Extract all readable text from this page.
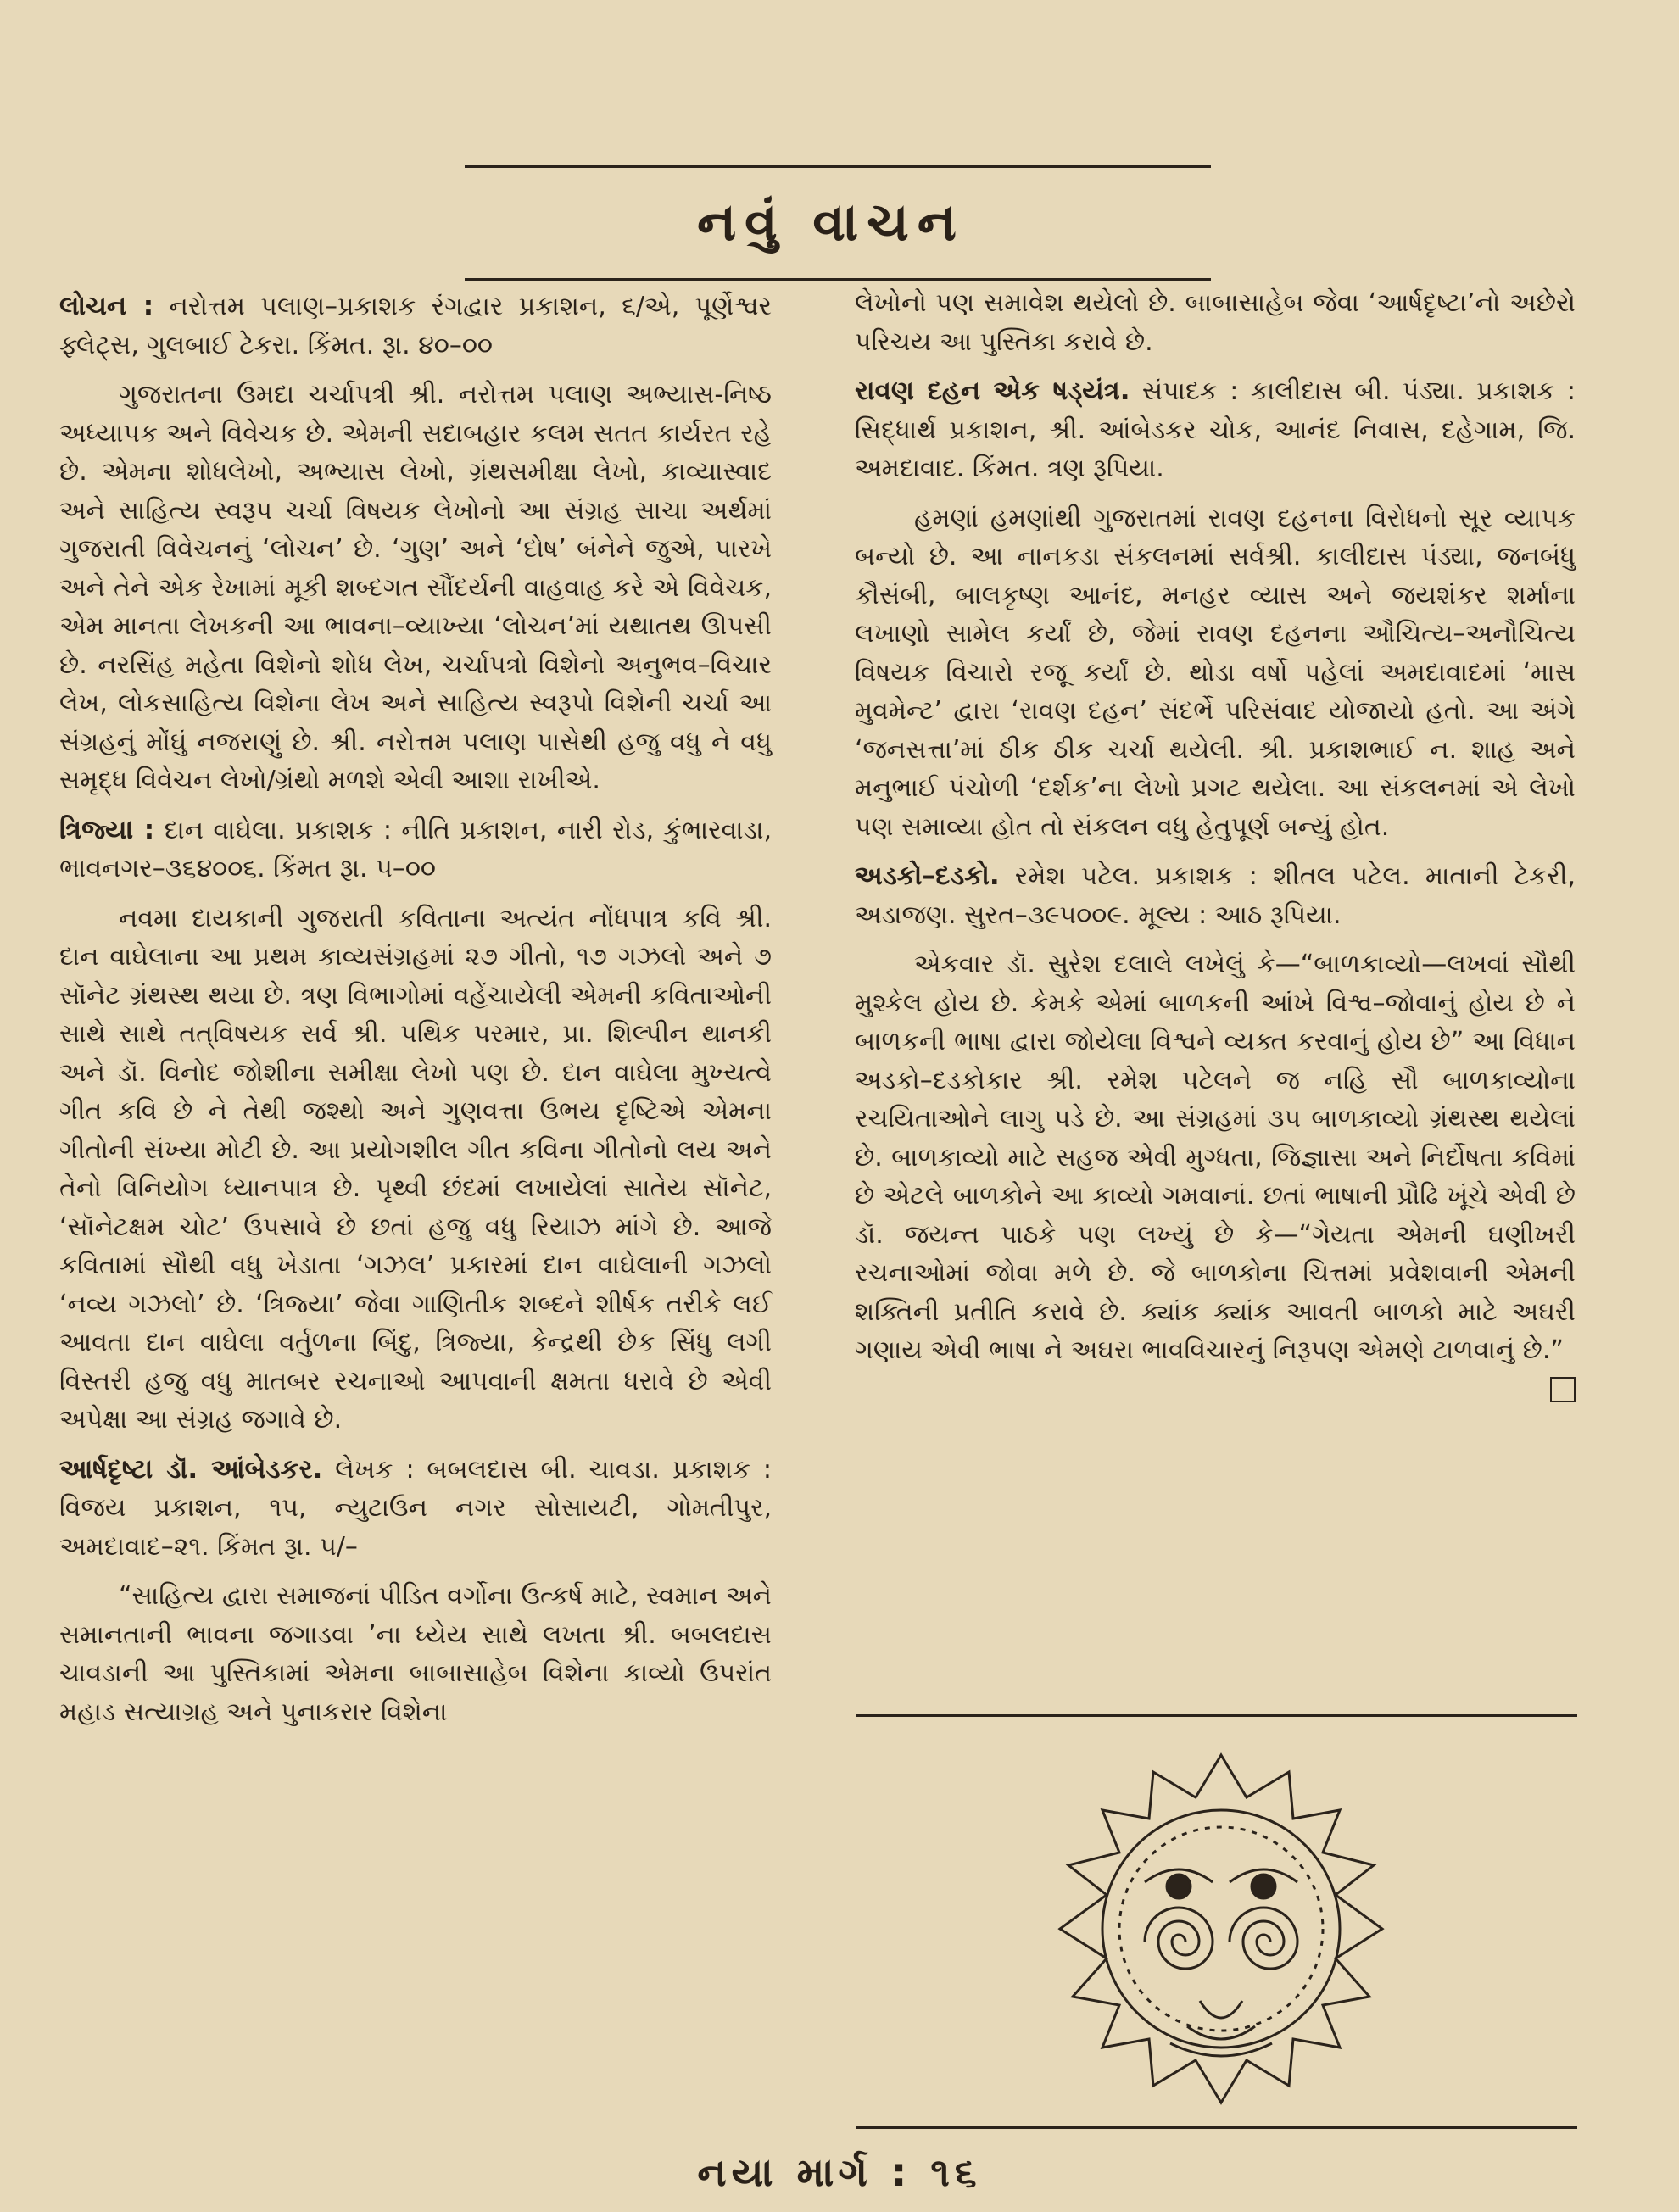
નવું વાચન

લોચન : નરોત્તમ પલાણ–પ્રકાશક રંગદ્વાર પ્રકાશન, ૬/એ, પૂર્ણેશ્વર ફ્લેટ્સ, ગુલબાઈ ટેકરા. કિંમત. રૂા. ૪૦–૦૦

ગુજરાતના ઉમદા ચર્ચાપત્રી શ્રી. નરોત્તમ પલાણ અભ્યાસ-નિષ્ઠ અધ્યાપક અને વિવેચક છે. એમની સદાબહાર કલમ સતત કાર્યરત રહે છે. એમના શોધલેખો, અભ્યાસ લેખો, ગ્રંથસમીક્ષા લેખો, કાવ્યાસ્વાદ અને સાહિત્ય સ્વરૂપ ચર્ચા વિષયક લેખોનો આ સંગ્રહ સાચા અર્થમાં ગુજરાતી વિવેચનનું ‘લોચન’ છે. ‘ગુણ’ અને ‘દોષ’ બંનેને જુએ, પારખે અને તેને એક રેખામાં મૂકી શબ્દગત સૌંદર્યની વાહવાહ કરે એ વિવેચક, એમ માનતા લેખકની આ ભાવના–વ્યાખ્યા ‘લોચન’માં યથાતથ ઊપસી છે. નરસિંહ મહેતા વિશેનો શોધ લેખ, ચર્ચાપત્રો વિશેનો અનુભવ–વિચાર લેખ, લોકસાહિત્ય વિશેના લેખ અને સાહિત્ય સ્વરૂપો વિશેની ચર્ચા આ સંગ્રહનું મોંઘું નજરાણું છે. શ્રી. નરોત્તમ પલાણ પાસેથી હજુ વધુ ને વધુ સમૃદ્ધ વિવેચન લેખો/ગ્રંથો મળશે એવી આશા રાખીએ.

ત્રિજ્યા : દાન વાઘેલા. પ્રકાશક : નીતિ પ્રકાશન, નારી રોડ, કુંભારવાડા, ભાવનગર–૩૬૪૦૦૬. કિંમત રૂા. ૫–૦૦

નવમા દાયકાની ગુજરાતી કવિતાના અત્યંત નોંધપાત્ર કવિ શ્રી. દાન વાઘેલાના આ પ્રથમ કાવ્યસંગ્રહમાં ૨૭ ગીતો, ૧૭ ગઝલો અને ૭ સૉનેટ ગ્રંથસ્થ થયા છે. ત્રણ વિભાગોમાં વહેંચાયેલી એમની કવિતાઓની સાથે સાથે તત્‌વિષયક સર્વ શ્રી. પથિક પરમાર, પ્રા. શિલ્પીન થાનકી અને ડૉ. વિનોદ જોશીના સમીક્ષા લેખો પણ છે. દાન વાઘેલા મુખ્યત્વે ગીત કવિ છે ને તેથી જશ્થો અને ગુણવત્તા ઉભય દૃષ્ટિએ એમના ગીતોની સંખ્યા મોટી છે. આ પ્રયોગશીલ ગીત કવિના ગીતોનો લય અને તેનો વિનિયોગ ધ્યાનપાત્ર છે. પૃથ્વી છંદમાં લખાયેલાં સાતેય સૉનેટ, ‘સૉનેટક્ષમ ચોટ’ ઉપસાવે છે છતાં હજુ વધુ રિયાઝ માંગે છે. આજે કવિતામાં સૌથી વધુ ખેડાતા ‘ગઝલ’ પ્રકારમાં દાન વાઘેલાની ગઝલો ‘નવ્ય ગઝલો’ છે. ‘ત્રિજ્યા’ જેવા ગાણિતીક શબ્દને શીર્ષક તરીકે લઈ આવતા દાન વાઘેલા વર્તુળના બિંદુ, ત્રિજ્યા, કેન્દ્રથી છેક સિંધુ લગી વિસ્તરી હજુ વધુ માતબર રચનાઓ આપવાની ક્ષમતા ધરાવે છે એવી અપેક્ષા આ સંગ્રહ જગાવે છે.

આર્ષદૃષ્ટા ડૉ. આંબેડકર. લેખક : બબલદાસ બી. ચાવડા. પ્રકાશક : વિજય પ્રકાશન, ૧૫, ન્યુટાઉન નગર સોસાયટી, ગોમતીપુર, અમદાવાદ–૨૧. કિંમત રૂા. ૫/–

“સાહિત્ય દ્વારા સમાજનાં પીડિત વર્ગોના ઉત્કર્ષ માટે, સ્વમાન અને સમાનતાની ભાવના જગાડવા ’ના ધ્યેય સાથે લખતા શ્રી. બબલદાસ ચાવડાની આ પુસ્તિકામાં એમના બાબાસાહેબ વિશેના કાવ્યો ઉપરાંત મહાડ સત્યાગ્રહ અને પુનાકરાર વિશેના

લેખોનો પણ સમાવેશ થયેલો છે. બાબાસાહેબ જેવા ‘આર્ષદૃષ્ટા’નો અછેરો પરિચય આ પુસ્તિકા કરાવે છે.

રાવણ દહન એક ષડ્‌યંત્ર. સંપાદક : કાલીદાસ બી. પંડ્યા. પ્રકાશક : સિદ્ધાર્થ પ્રકાશન, શ્રી. આંબેડકર ચોક, આનંદ નિવાસ, દહેગામ, જિ. અમદાવાદ. કિંમત. ત્રણ રૂપિયા.

હમણાં હમણાંથી ગુજરાતમાં રાવણ દહનના વિરોધનો સૂર વ્યાપક બન્યો છે. આ નાનકડા સંકલનમાં સર્વશ્રી. કાલીદાસ પંડ્યા, જનબંધુ કૌસંબી, બાલકૃષ્ણ આનંદ, મનહર વ્યાસ અને જયશંકર શર્માના લખાણો સામેલ કર્યાં છે, જેમાં રાવણ દહનના ઔચિત્ય–અનૌચિત્ય વિષયક વિચારો રજૂ કર્યાં છે. થોડા વર્ષો પહેલાં અમદાવાદમાં ‘માસ મુવમેન્ટ’ દ્વારા ‘રાવણ દહન’ સંદર્ભે પરિસંવાદ યોજાયો હતો. આ અંગે ‘જનસત્તા’માં ઠીક ઠીક ચર્ચા થયેલી. શ્રી. પ્રકાશભાઈ ન. શાહ અને મનુભાઈ પંચોળી ‘દર્શક’ના લેખો પ્રગટ થયેલા. આ સંકલનમાં એ લેખો પણ સમાવ્યા હોત તો સંકલન વધુ હેતુપૂર્ણ બન્યું હોત.

અડકો–દડકો. રમેશ પટેલ. પ્રકાશક : શીતલ પટેલ. માતાની ટેકરી, અડાજણ. સુરત–૩૯૫૦૦૯. મૂલ્ય : આઠ રૂપિયા.

એકવાર ડૉ. સુરેશ દલાલે લખેલું કે—“બાળકાવ્યો—લખવાં સૌથી મુશ્કેલ હોય છે. કેમકે એમાં બાળકની આંખે વિશ્વ–જોવાનું હોય છે ને બાળકની ભાષા દ્વારા જોયેલા વિશ્વને વ્યક્ત કરવાનું હોય છે” આ વિધાન અડકો–દડકોકાર શ્રી. રમેશ પટેલને જ નહિ સૌ બાળકાવ્યોના રચયિતાઓને લાગુ પડે છે. આ સંગ્રહમાં ૩૫ બાળકાવ્યો ગ્રંથસ્થ થયેલાં છે. બાળકાવ્યો માટે સહજ એવી મુગ્ધતા, જિજ્ઞાસા અને નિર્દોષતા કવિમાં છે એટલે બાળકોને આ કાવ્યો ગમવાનાં. છતાં ભાષાની પ્રૌઢિ ખૂંચે એવી છે ડૉ. જયન્ત પાઠકે પણ લખ્યું છે કે—“ગેયતા એમની ઘણીખરી રચનાઓમાં જોવા મળે છે. જે બાળકોના ચિત્તમાં પ્રવેશવાની એમની શક્તિની પ્રતીતિ કરાવે છે. ક્યાંક ક્યાંક આવતી બાળકો માટે અઘરી ગણાય એવી ભાષા ને અઘરા ભાવવિચારનું નિરૂપણ એમણે ટાળવાનું છે.”

નયા માર્ગ : ૧૬
